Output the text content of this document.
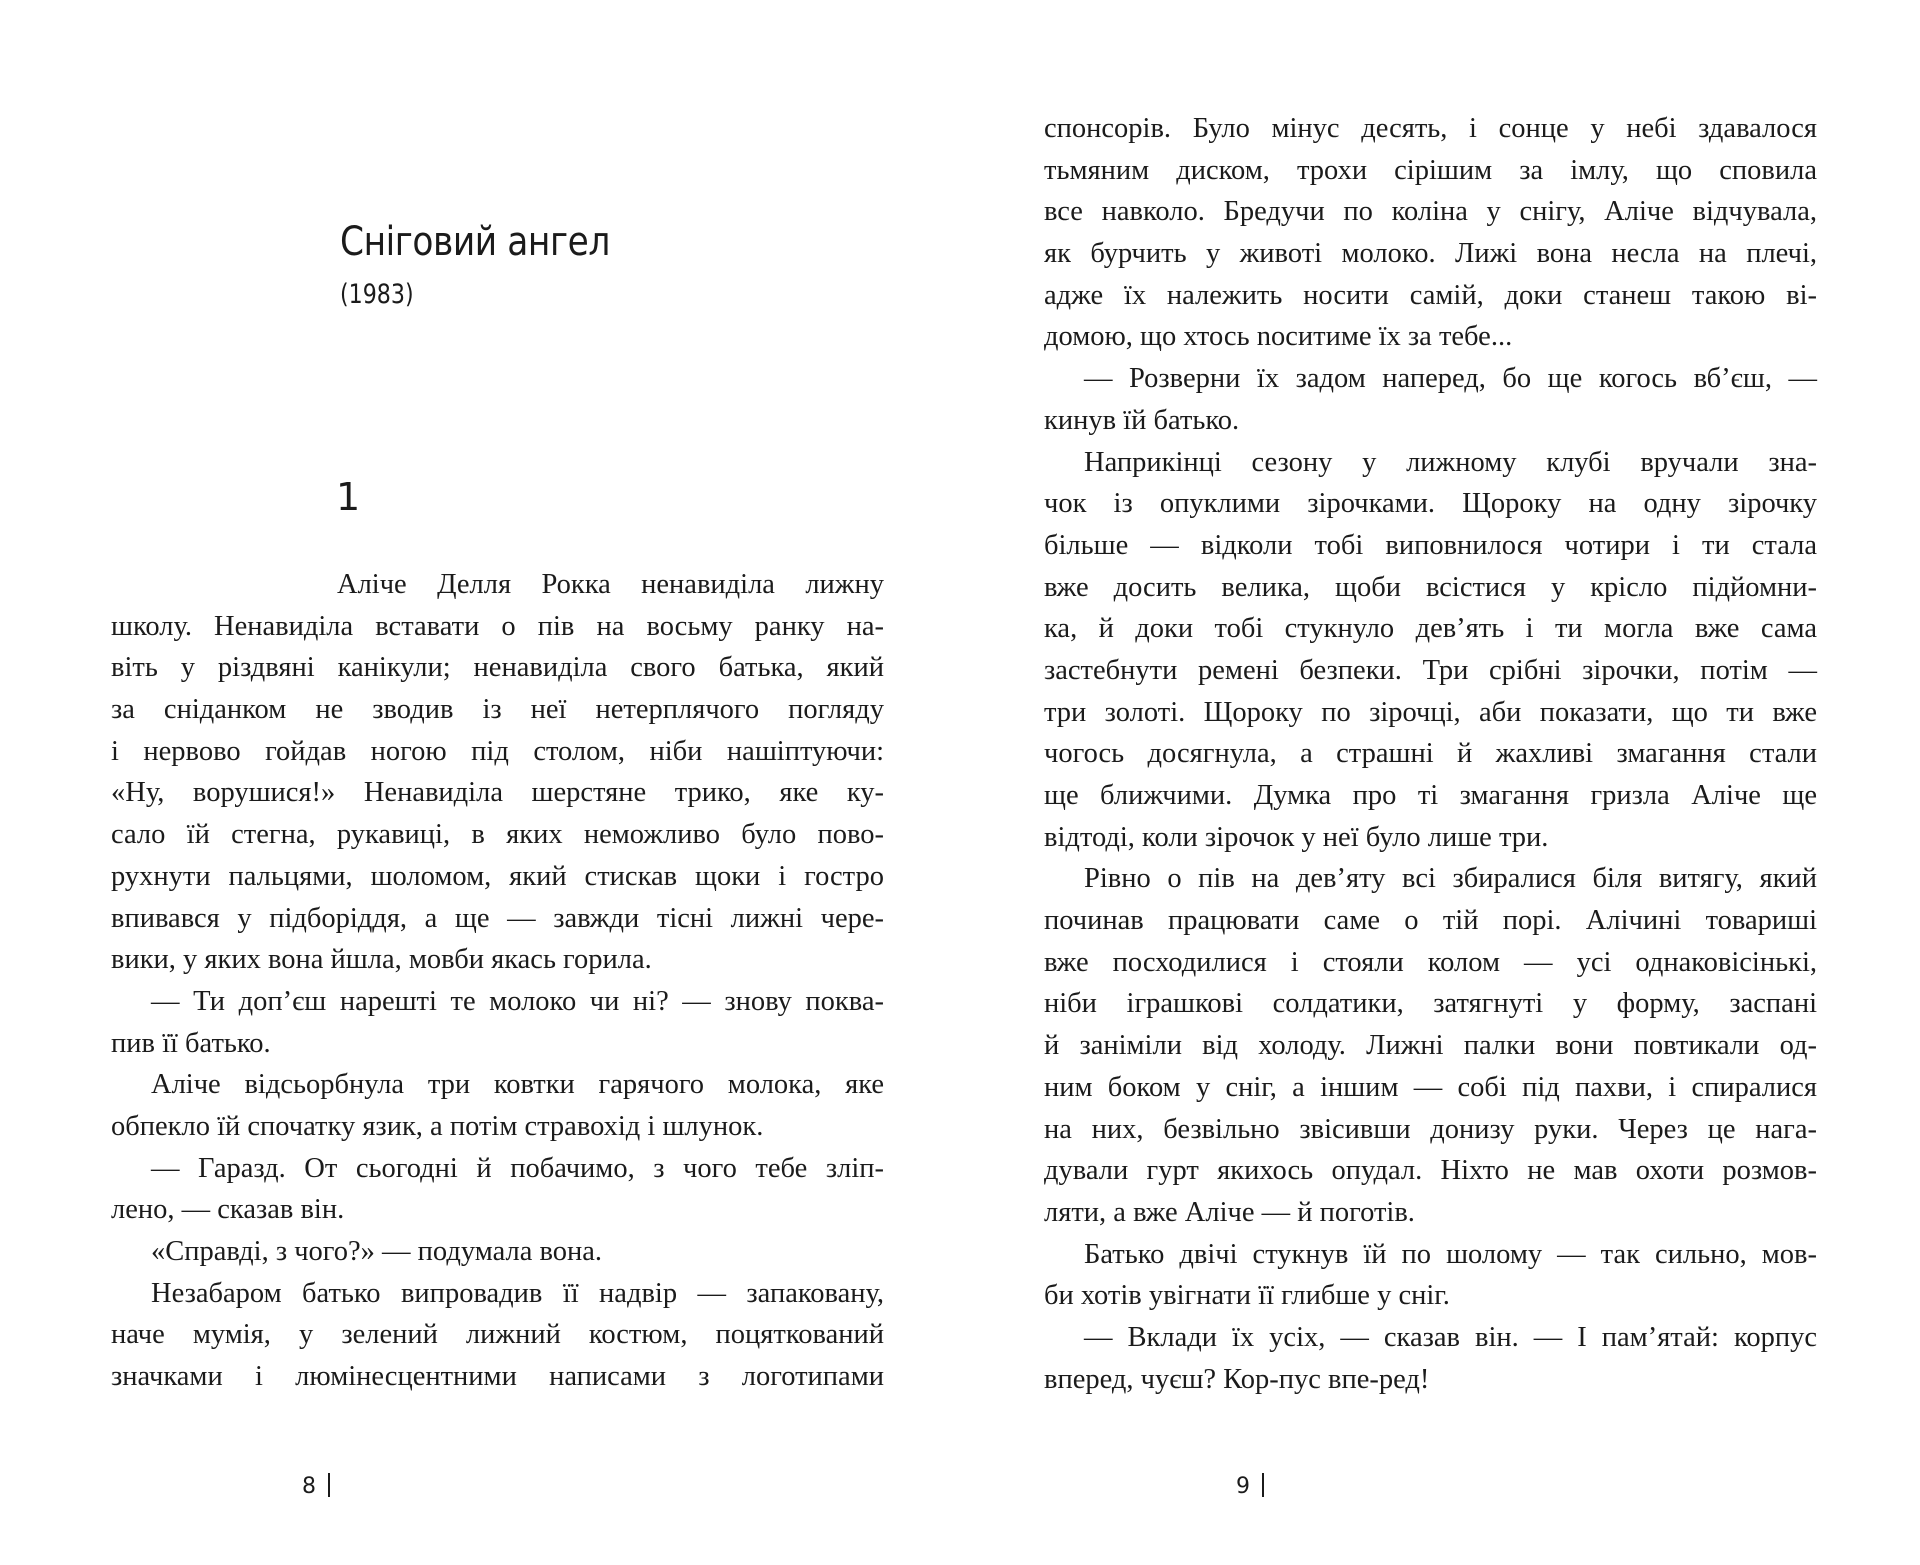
Сніговий ангел
(1983)
1
Аліче Делля Рокка ненавиділа лижну
школу. Ненавиділа вставати о пів на восьму ранку на-
віть у різдвяні канікули; ненавиділа свого батька, який
за сніданком не зводив із неї нетерплячого погляду
і нервово гойдав ногою під столом, ніби нашіптуючи:
«Ну, ворушися!» Ненавиділа шерстяне трико, яке ку-
сало їй стегна, рукавиці, в яких неможливо було пово-
рухнути пальцями, шоломом, який стискав щоки і гостро
впивався у підборіддя, а ще — завжди тісні лижні чере-
вики, у яких вона йшла, мовби якась горила.
— Ти доп’єш нарешті те молоко чи ні? — знову поква-
пив її батько.
Аліче відсьорбнула три ковтки гарячого молока, яке
обпекло їй спочатку язик, а потім стравохід і шлунок.
— Гаразд. От сьогодні й побачимо, з чого тебе зліп-
лено, — сказав він.
«Справді, з чого?» — подумала вона.
Незабаром батько випровадив її надвір — запаковану,
наче мумія, у зелений лижний костюм, поцяткований
значками і люмінесцентними написами з логотипами
8
спонсорів. Було мінус десять, і сонце у небі здавалося
тьмяним диском, трохи сірішим за імлу, що сповила
все навколо. Бредучи по коліна у снігу, Аліче відчувала,
як бурчить у животі молоко. Лижі вона несла на плечі,
адже їх належить носити самій, доки станеш такою ві-
домою, що хтось noситиме їх за тебе...
— Розверни їх задом наперед, бо ще когось вб’єш, —
кинув їй батько.
Наприкінці сезону у лижному клубі вручали зна-
чок із опуклими зірочками. Щороку на одну зірочку
більше — відколи тобі виповнилося чотири і ти стала
вже досить велика, щоби всістися у крісло підйомни-
ка, й доки тобі стукнуло дев’ять і ти могла вже сама
застебнути ремені безпеки. Три срібні зірочки, потім —
три золоті. Щороку по зірочці, аби показати, що ти вже
чогось досягнула, а страшні й жахливі змагання стали
ще ближчими. Думка про ті змагання гризла Аліче ще
відтоді, коли зірочок у неї було лише три.
Рівно о пів на дев’яту всі збиралися біля витягу, який
починав працювати саме о тій порі. Алічині товариші
вже посходилися і стояли колом — усі однаковісінькі,
ніби іграшкові солдатики, затягнуті у форму, заспані
й заніміли від холоду. Лижні палки вони повтикали од-
ним боком у сніг, а іншим — собі під пахви, і спиралися
на них, безвільно звісивши донизу руки. Через це нага-
дували гурт якихось опудал. Ніхто не мав охоти розмов-
ляти, а вже Аліче — й поготів.
Батько двічі стукнув їй по шолому — так сильно, мов-
би хотів увігнати її глибше у сніг.
— Вклади їх усіх, — сказав він. — І пам’ятай: корпус
вперед, чуєш? Кор-пус впе-ред!
9
